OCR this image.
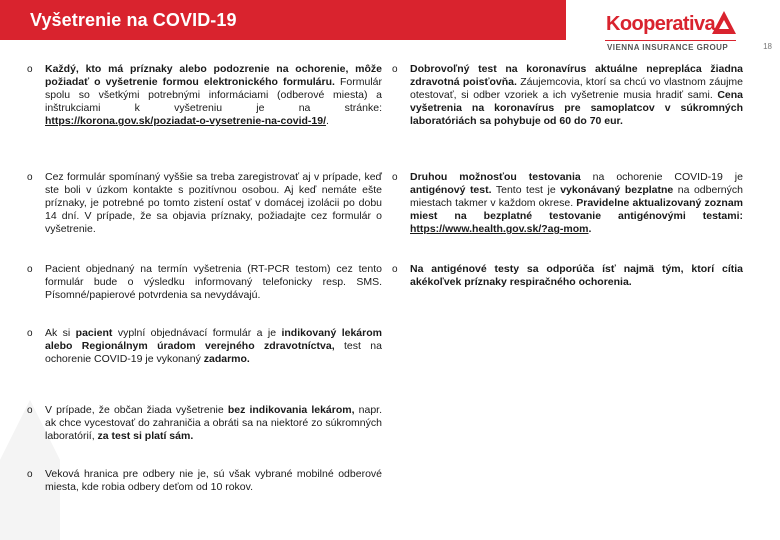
Vyšetrenie na COVID-19	Kooperativa
VIENNA INSURANCE GROUP	18
o	Každý, kto má príznaky alebo podozrenie na ochorenie, môže požiadať o vyšetrenie formou elektronického formuláru. Formulár spolu so všetkými potrebnými informáciami (odberové miesta) a inštrukciami k vyšetreniu je na stránke: https://korona.gov.sk/poziadat-o-vysetrenie-na-covid-19/.
o	Cez formulár spomínaný vyššie sa treba zaregistrovať aj v prípade, keď ste boli v úzkom kontakte s pozitívnou osobou. Aj keď nemáte ešte príznaky, je potrebné po tomto zistení ostať v domácej izolácii po dobu 14 dní. V prípade, že sa objavia príznaky, požiadajte cez formulár o vyšetrenie.
o	Pacient objednaný na termín vyšetrenia (RT-PCR testom) cez tento formulár bude o výsledku informovaný telefonicky resp. SMS. Písomné/papierové potvrdenia sa nevydávajú.
o	Ak si pacient vyplní objednávací formulár a je indikovaný lekárom alebo Regionálnym úradom verejného zdravotníctva, test na ochorenie COVID-19 je vykonaný zadarmo.
o	V prípade, že občan žiada vyšetrenie bez indikovania lekárom, napr. ak chce vycestovať do zahraničia a obráti sa na niektoré zo súkromných laboratórií, za test si platí sám.
o	Veková hranica pre odbery nie je, sú však vybrané mobilné odberové miesta, kde robia odbery deťom od 10 rokov.
o	Dobrovoľný test na koronavírus aktuálne neprepláca žiadna zdravotná poisťovňa. Záujemcovia, ktorí sa chcú vo vlastnom záujme otestovať, si odber vzoriek a ich vyšetrenie musia hradiť sami. Cena vyšetrenia na koronavírus pre samoplatcov v súkromných laboratóriách sa pohybuje od 60 do 70 eur.
o	Druhou možnosťou testovania na ochorenie COVID-19 je antigénový test. Tento test je vykonávaný bezplatne na odberných miestach takmer v každom okrese. Pravidelne aktualizovaný zoznam miest na bezplatné testovanie antigénovými testami: https://www.health.gov.sk/?ag-mom.
o	Na antigénové testy sa odporúča ísť najmä tým, ktorí cítia akékoľvek príznaky respiračného ochorenia.
